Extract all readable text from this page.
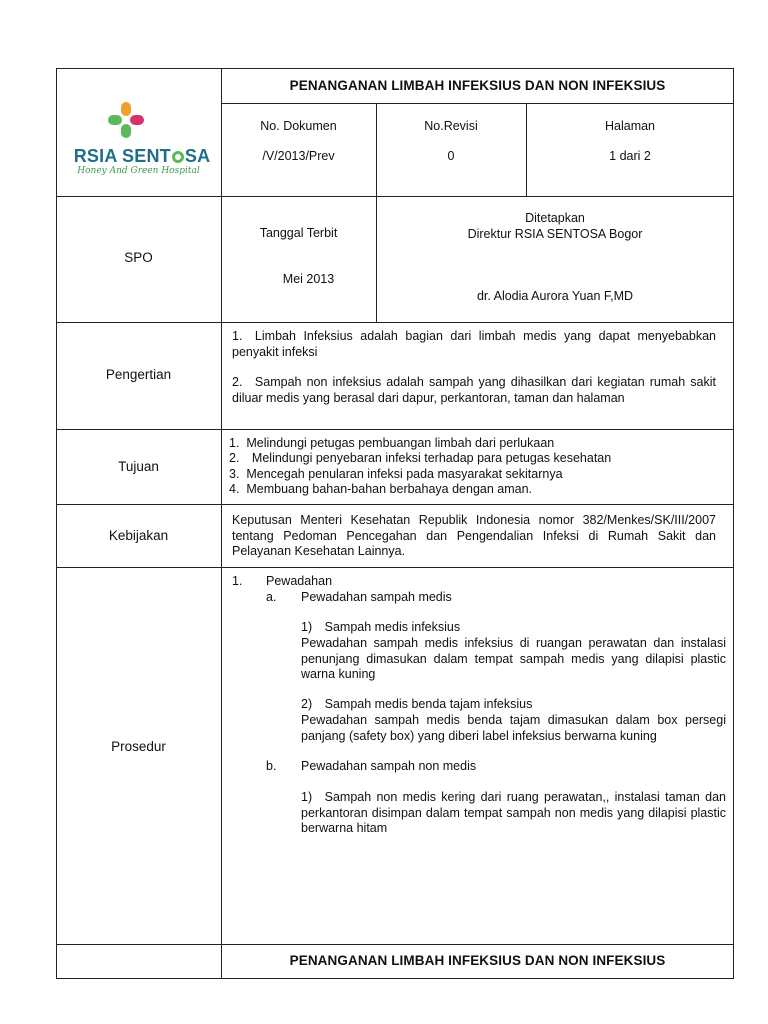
RSIA SENT SA
Honey And Green Hospital
PENANGANAN LIMBAH INFEKSIUS DAN NON INFEKSIUS
No. Dokumen
/V/2013/Prev
No.Revisi
0
Halaman
1 dari 2
SPO
Tanggal Terbit
Mei 2013
Ditetapkan
Direktur RSIA SENTOSA Bogor
dr. Alodia Aurora Yuan F,MD
Pengertian
1. Limbah Infeksius adalah bagian dari limbah medis yang dapat menyebabkan penyakit infeksi
2. Sampah non infeksius adalah sampah yang dihasilkan dari kegiatan rumah sakit diluar medis yang berasal dari dapur, perkantoran, taman dan halaman
Tujuan
1.  Melindungi petugas pembuangan limbah dari perlukaan
2. Melindungi penyebaran infeksi terhadap para petugas kesehatan
3.  Mencegah penularan infeksi pada masyarakat sekitarnya
4.  Membuang bahan-bahan berbahaya dengan aman.
Kebijakan
Keputusan Menteri Kesehatan Republik Indonesia nomor 382/Menkes/SK/III/2007 tentang Pedoman Pencegahan dan Pengendalian Infeksi di Rumah Sakit dan Pelayanan Kesehatan Lainnya.
Prosedur
1. Pewadahan
a. Pewadahan sampah medis
1) Sampah medis infeksius
Pewadahan sampah medis infeksius di ruangan perawatan dan instalasi penunjang dimasukan dalam tempat sampah medis yang dilapisi plastic warna kuning
2) Sampah medis benda tajam infeksius
Pewadahan sampah medis benda tajam dimasukan dalam box persegi panjang (safety box) yang diberi label infeksius berwarna kuning
b. Pewadahan sampah non medis
1) Sampah non medis kering dari ruang perawatan,, instalasi taman dan perkantoran disimpan dalam tempat sampah non medis yang dilapisi plastic berwarna hitam
PENANGANAN LIMBAH INFEKSIUS DAN NON INFEKSIUS
